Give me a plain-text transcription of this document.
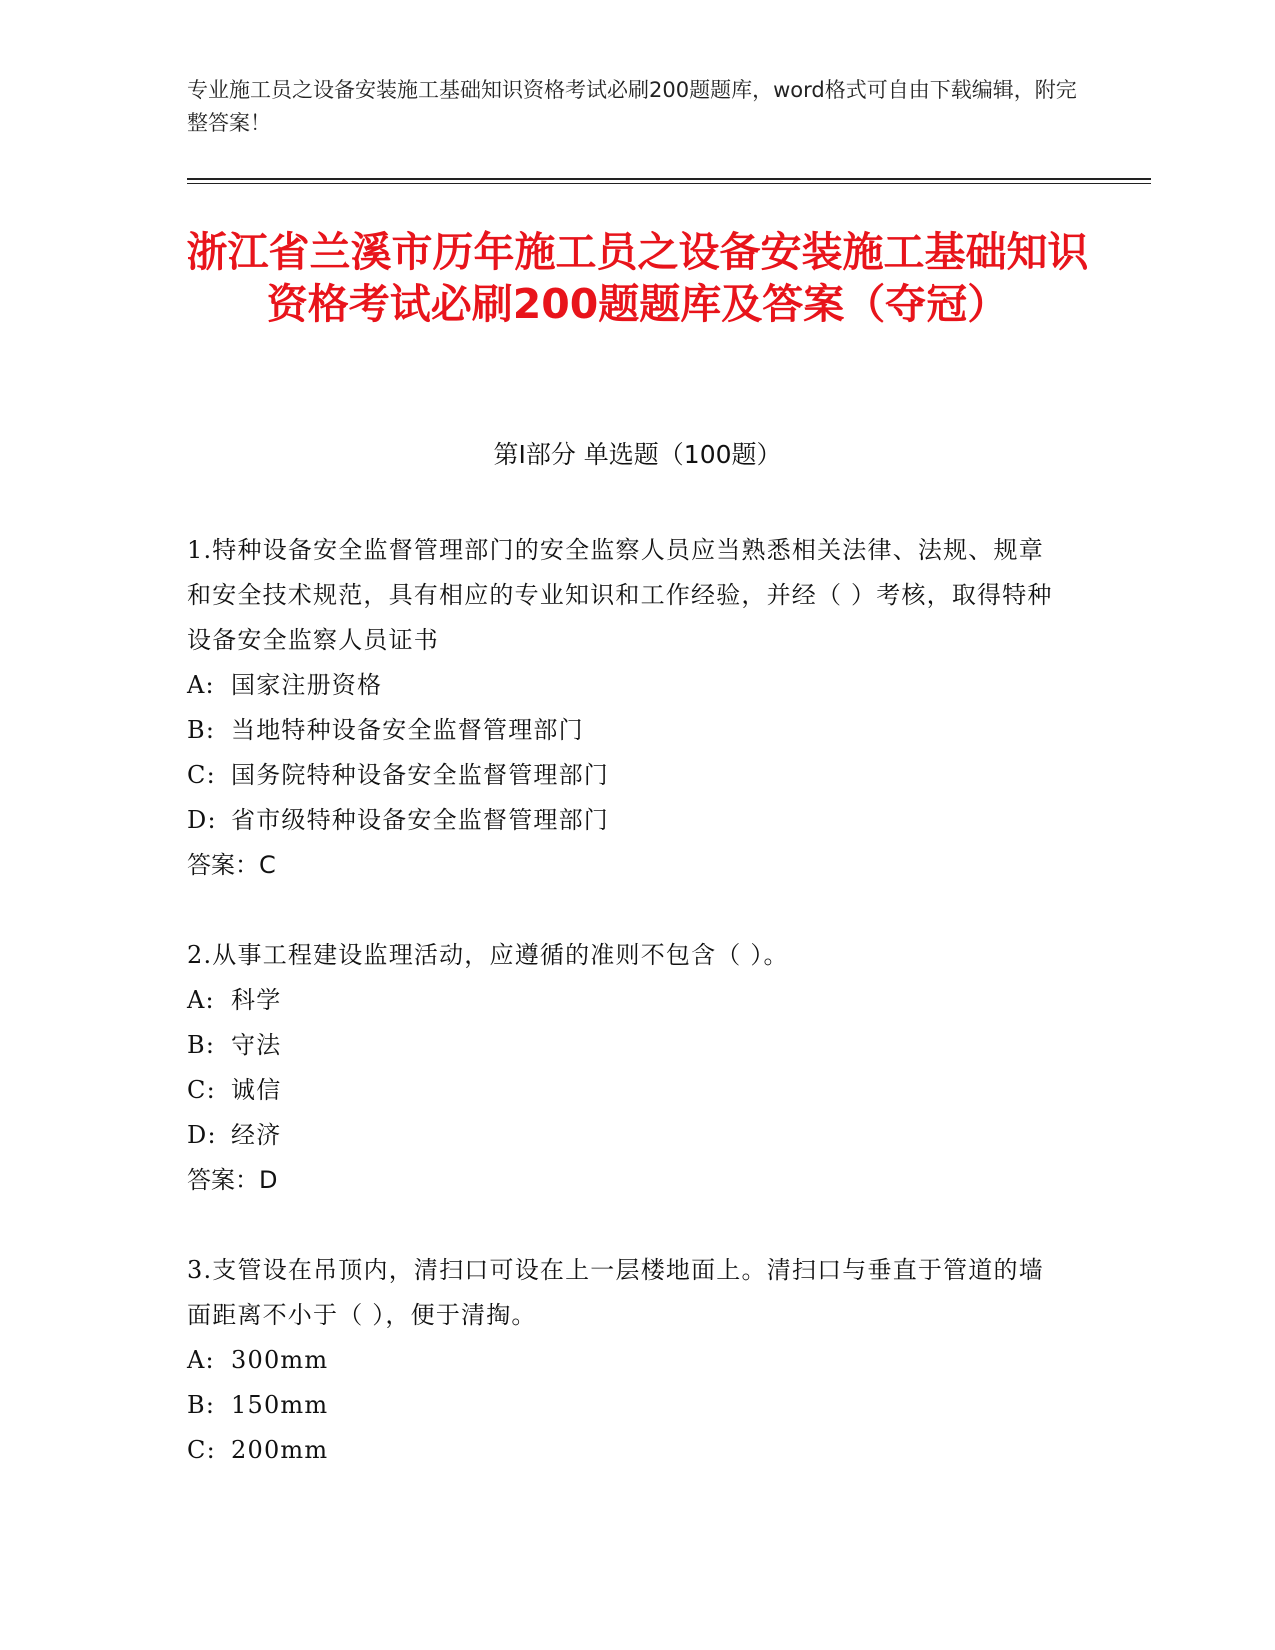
专业施工员之设备安装施工基础知识资格考试必刷200题题库，word格式可自由下载编辑，附完整答案！
浙江省兰溪市历年施工员之设备安装施工基础知识资格考试必刷200题题库及答案（夺冠）
第I部分 单选题（100题）
1.特种设备安全监督管理部门的安全监察人员应当熟悉相关法律、法规、规章和安全技术规范，具有相应的专业知识和工作经验，并经（ ）考核，取得特种设备安全监察人员证书
A: 国家注册资格
B: 当地特种设备安全监督管理部门
C: 国务院特种设备安全监督管理部门
D: 省市级特种设备安全监督管理部门
答案：C
2.从事工程建设监理活动，应遵循的准则不包含（ ）。
A: 科学
B: 守法
C: 诚信
D: 经济
答案：D
3.支管设在吊顶内，清扫口可设在上一层楼地面上。清扫口与垂直于管道的墙面距离不小于（ ），便于清掏。
A: 300mm
B: 150mm
C: 200mm
